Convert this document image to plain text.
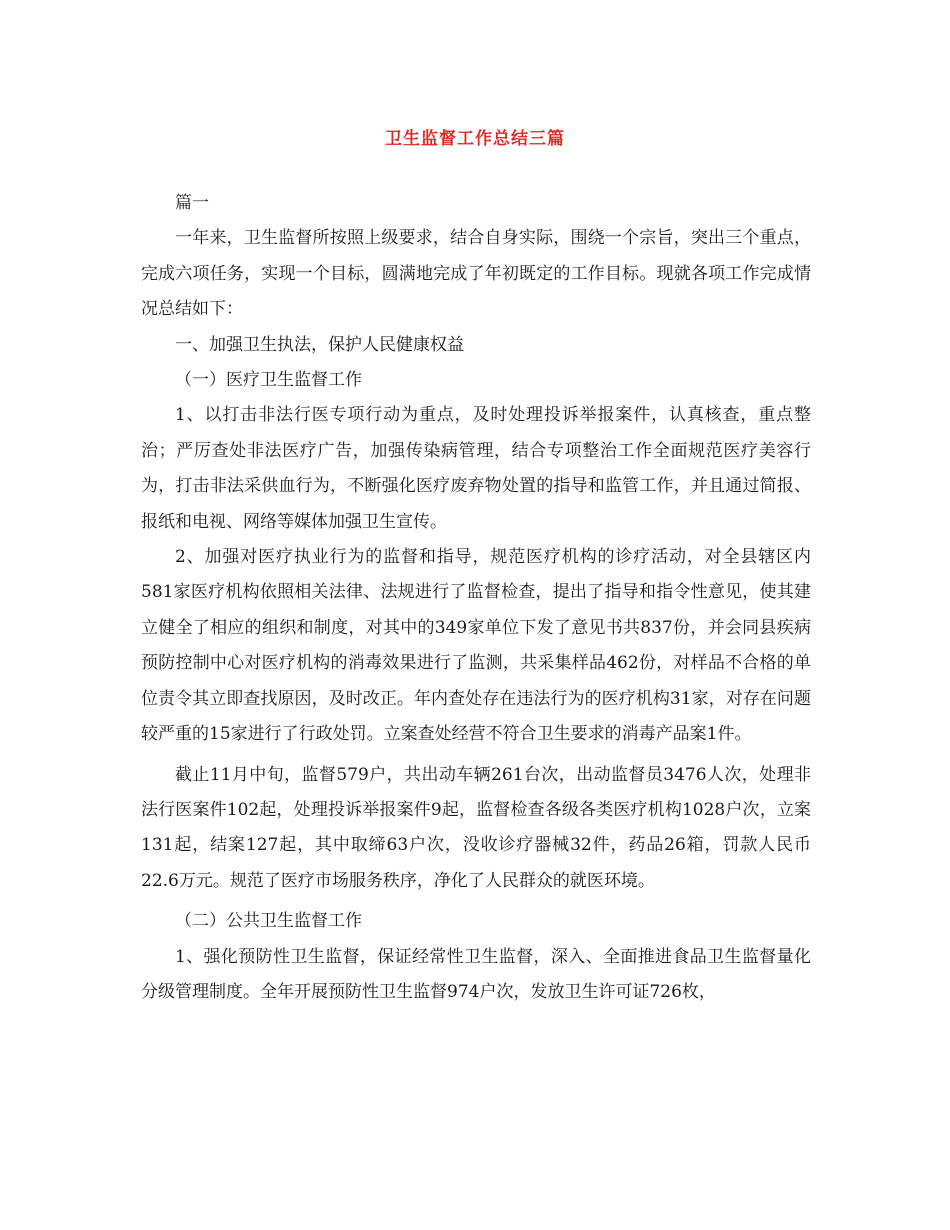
卫生监督工作总结三篇

篇一

一年来，卫生监督所按照上级要求，结合自身实际，围绕一个宗旨，突出三个重点，完成六项任务，实现一个目标，圆满地完成了年初既定的工作目标。现就各项工作完成情况总结如下：

一、加强卫生执法，保护人民健康权益

（一）医疗卫生监督工作

1、以打击非法行医专项行动为重点，及时处理投诉举报案件，认真核查，重点整治；严厉查处非法医疗广告，加强传染病管理，结合专项整治工作全面规范医疗美容行为，打击非法采供血行为，不断强化医疗废弃物处置的指导和监管工作，并且通过简报、报纸和电视、网络等媒体加强卫生宣传。

2、加强对医疗执业行为的监督和指导，规范医疗机构的诊疗活动，对全县辖区内581家医疗机构依照相关法律、法规进行了监督检查，提出了指导和指令性意见，使其建立健全了相应的组织和制度，对其中的349家单位下发了意见书共837份，并会同县疾病预防控制中心对医疗机构的消毒效果进行了监测，共采集样品462份，对样品不合格的单位责令其立即查找原因，及时改正。年内查处存在违法行为的医疗机构31家，对存在问题较严重的15家进行了行政处罚。立案查处经营不符合卫生要求的消毒产品案1件。

截止11月中旬，监督579户，共出动车辆261台次，出动监督员3476人次，处理非法行医案件102起，处理投诉举报案件9起，监督检查各级各类医疗机构1028户次，立案131起，结案127起，其中取缔63户次，没收诊疗器械32件，药品26箱，罚款人民币22.6万元。规范了医疗市场服务秩序，净化了人民群众的就医环境。

（二）公共卫生监督工作

1、强化预防性卫生监督，保证经常性卫生监督，深入、全面推进食品卫生监督量化分级管理制度。全年开展预防性卫生监督974户次，发放卫生许可证726枚，
